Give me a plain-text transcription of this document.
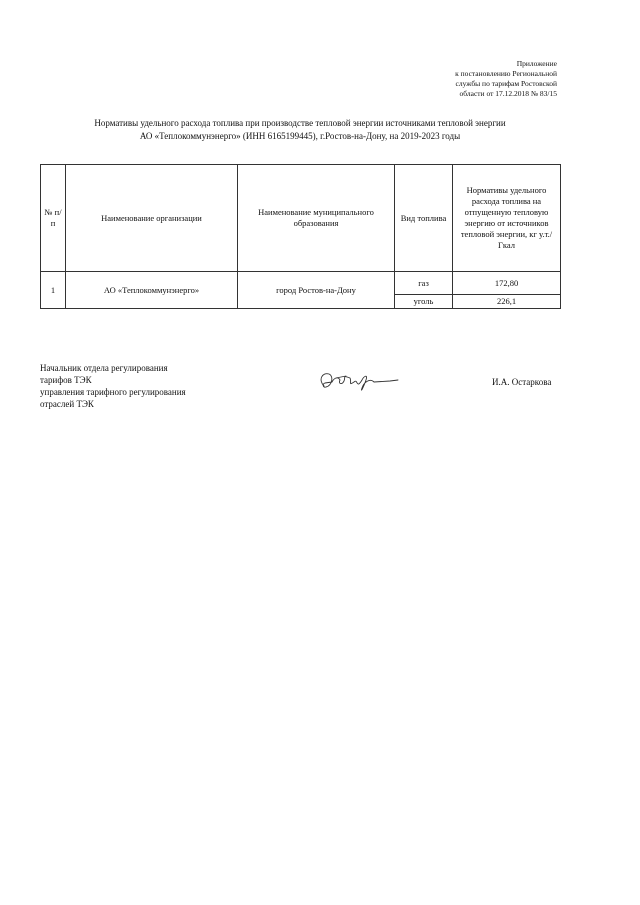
Приложение
к постановлению Региональной
службы по тарифам Ростовской
области от 17.12.2018 № 83/15
Нормативы удельного расхода топлива при производстве тепловой энергии источниками тепловой энергии
АО «Теплокоммунэнерго» (ИНН 6165199445), г.Ростов-на-Дону, на 2019-2023 годы
№ п/п	Наименование организации	Наименование муниципального образования	Вид топлива	Нормативы удельного расхода топлива на отпущенную тепловую энергию от источников тепловой энергии, кг у.т./Гкал
1	АО «Теплокоммунэнерго»	город Ростов-на-Дону	газ	172,80
			уголь	226,1
Начальник отдела регулирования
тарифов ТЭК
управления тарифного регулирования
отраслей ТЭК
И.А. Остаркова
